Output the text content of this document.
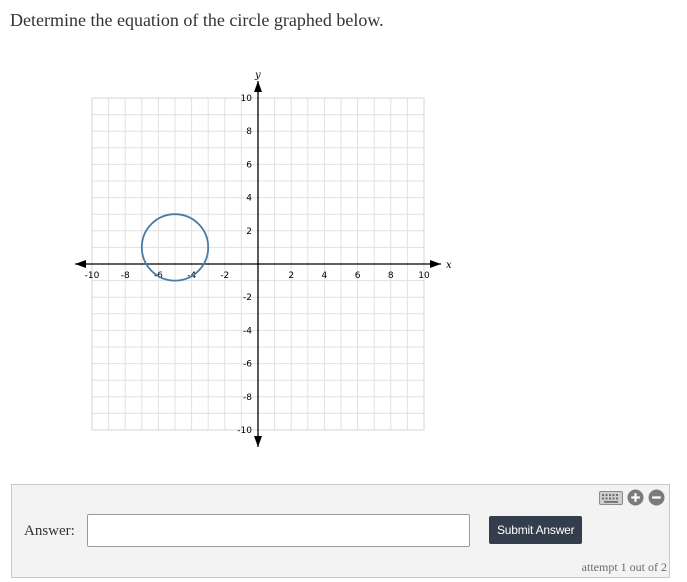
Determine the equation of the circle graphed below.
x
y
-10 -8	-6	-4	-2	2	4	6	8	10
10
8
6
4
2
-2
-4
-6
-8
-10
Answer:	Submit Answer
attempt 1 out of 2
